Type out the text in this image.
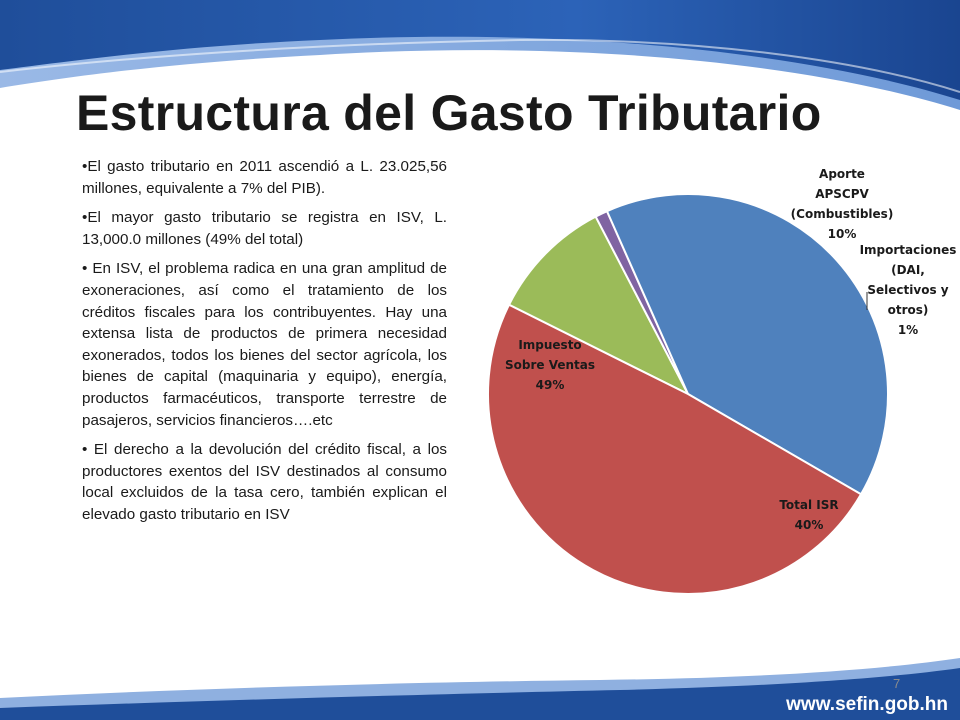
Estructura del Gasto Tributario

•El gasto tributario en 2011 ascendió a L. 23.025,56 millones, equivalente a 7% del PIB).

•El mayor gasto tributario se registra en ISV, L. 13,000.0 millones (49% del total)

• En ISV, el problema radica en una gran amplitud de exoneraciones, así como el tratamiento de los créditos fiscales para los contribuyentes. Hay una extensa lista de productos de primera necesidad exonerados, todos los bienes del sector agrícola, los bienes de capital (maquinaria y equipo), energía, productos farmacéuticos, transporte terrestre de pasajeros, servicios financieros….etc

• El derecho a la devolución del crédito fiscal, a los productores exentos del ISV destinados al consumo local excluidos de la tasa cero, también explican el elevado gasto tributario en ISV

Aporte APSCPV (Combustibles) 10%
Importaciones (DAI, Selectivos y otros) 1%
Total ISR 40%
Impuesto Sobre Ventas 49%
7
www.sefin.gob.hn
